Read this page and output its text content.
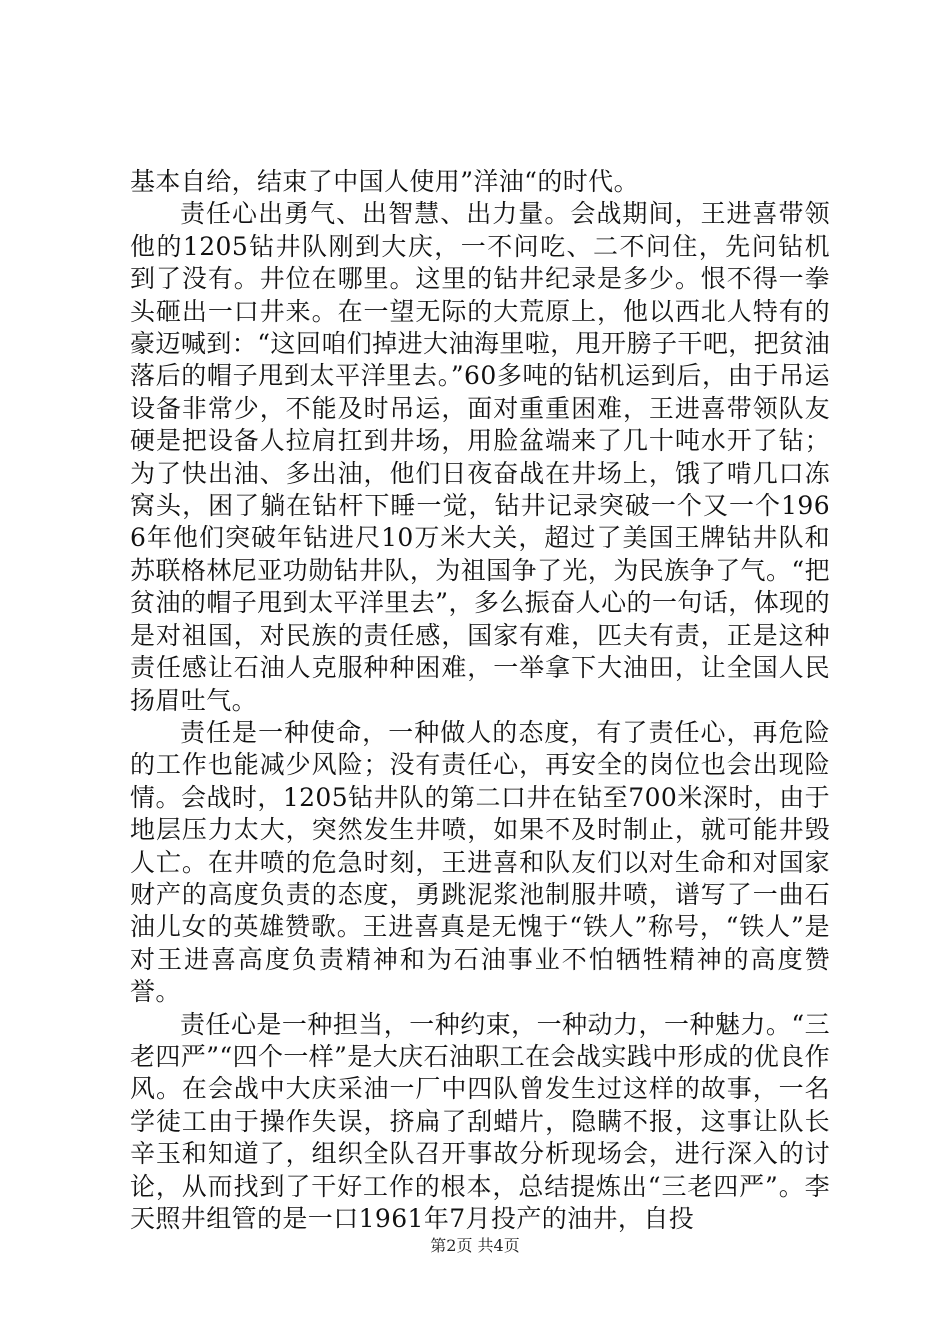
基本自给，结束了中国人使用”洋油“的时代。

责任心出勇气、出智慧、出力量。会战期间，王进喜带领他的1205钻井队刚到大庆，一不问吃、二不问住，先问钻机到了没有。井位在哪里。这里的钻井纪录是多少。恨不得一拳头砸出一口井来。在一望无际的大荒原上，他以西北人特有的豪迈喊到：“这回咱们掉进大油海里啦，甩开膀子干吧，把贫油落后的帽子甩到太平洋里去。”60多吨的钻机运到后，由于吊运设备非常少，不能及时吊运，面对重重困难，王进喜带领队友硬是把设备人拉肩扛到井场，用脸盆端来了几十吨水开了钻；为了快出油、多出油，他们日夜奋战在井场上，饿了啃几口冻窝头，困了躺在钻杆下睡一觉，钻井记录突破一个又一个1966年他们突破年钻进尺10万米大关，超过了美国王牌钻井队和苏联格林尼亚功勋钻井队，为祖国争了光，为民族争了气。“把贫油的帽子甩到太平洋里去”，多么振奋人心的一句话，体现的是对祖国，对民族的责任感，国家有难，匹夫有责，正是这种责任感让石油人克服种种困难，一举拿下大油田，让全国人民扬眉吐气。

责任是一种使命，一种做人的态度，有了责任心，再危险的工作也能减少风险；没有责任心，再安全的岗位也会出现险情。会战时，1205钻井队的第二口井在钻至700米深时，由于地层压力太大，突然发生井喷，如果不及时制止，就可能井毁人亡。在井喷的危急时刻，王进喜和队友们以对生命和对国家财产的高度负责的态度，勇跳泥浆池制服井喷，谱写了一曲石油儿女的英雄赞歌。王进喜真是无愧于“铁人”称号，“铁人”是对王进喜高度负责精神和为石油事业不怕牺牲精神的高度赞誉。

责任心是一种担当，一种约束，一种动力，一种魅力。“三老四严”“四个一样”是大庆石油职工在会战实践中形成的优良作风。在会战中大庆采油一厂中四队曾发生过这样的故事，一名学徒工由于操作失误，挤扁了刮蜡片，隐瞒不报，这事让队长辛玉和知道了，组织全队召开事故分析现场会，进行深入的讨论，从而找到了干好工作的根本，总结提炼出“三老四严”。李天照井组管的是一口1961年7月投产的油井，自投

第2页 共4页
